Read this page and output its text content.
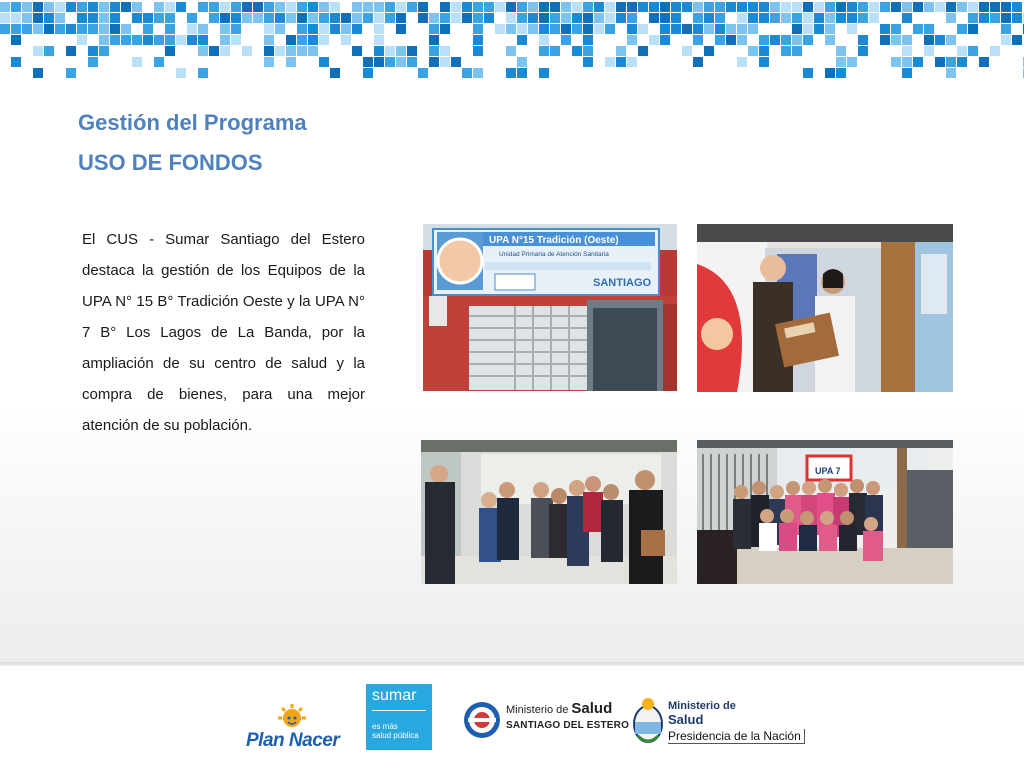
Gestión del Programa
USO DE FONDOS
El CUS - Sumar Santiago del Estero destaca la gestión de los Equipos de la UPA N° 15 B° Tradición Oeste y la UPA N° 7 B° Los Lagos de La Banda, por la ampliación de su centro de salud y la compra de bienes, para una mejor atención de su población.
UPA N°15 Tradición (Oeste)
Unidad Primaria de Atención Sanitaria
SANTIAGO
UPA 7
Plan Nacer
sumar
es más
salud pública
Ministerio de Salud
SANTIAGO DEL ESTERO
Ministerio de
Salud
Presidencia de la Nación
